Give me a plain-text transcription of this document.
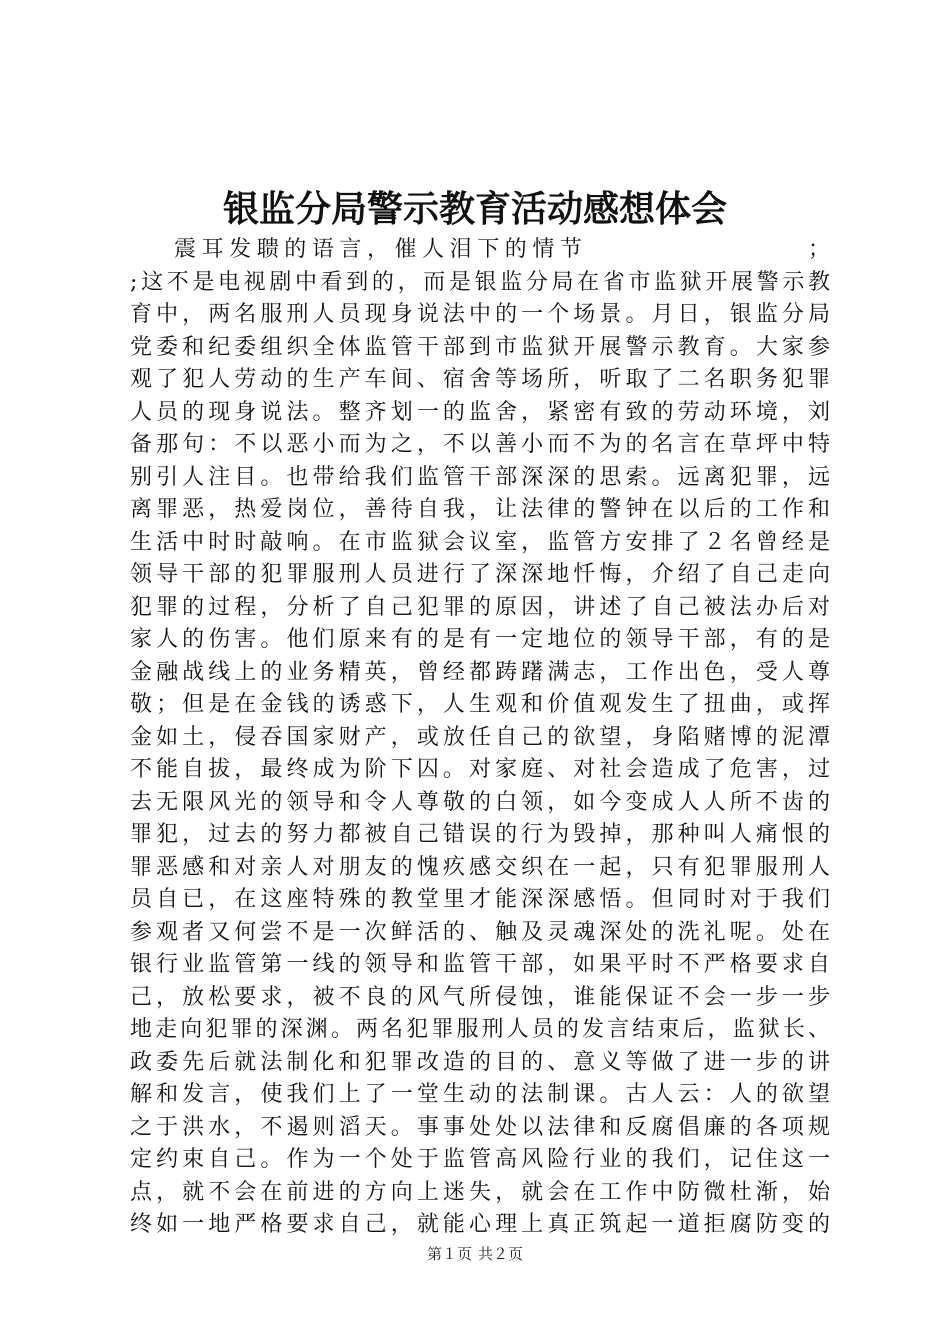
银监分局警示教育活动感想体会
震耳发聩的语言，催人泪下的情节　　　　　　　　；
;这不是电视剧中看到的，而是银监分局在省市监狱开展警示教
育中，两名服刑人员现身说法中的一个场景。月日，银监分局
党委和纪委组织全体监管干部到市监狱开展警示教育。大家参
观了犯人劳动的生产车间、宿舍等场所，听取了二名职务犯罪
人员的现身说法。整齐划一的监舍，紧密有致的劳动环境，刘
备那句：不以恶小而为之，不以善小而不为的名言在草坪中特
别引人注目。也带给我们监管干部深深的思索。远离犯罪，远
离罪恶，热爱岗位，善待自我，让法律的警钟在以后的工作和
生活中时时敲响。在市监狱会议室，监管方安排了２名曾经是
领导干部的犯罪服刑人员进行了深深地忏悔，介绍了自己走向
犯罪的过程，分析了自己犯罪的原因，讲述了自己被法办后对
家人的伤害。他们原来有的是有一定地位的领导干部，有的是
金融战线上的业务精英，曾经都踌躇满志，工作出色，受人尊
敬；但是在金钱的诱惑下，人生观和价值观发生了扭曲，或挥
金如土，侵吞国家财产，或放任自己的欲望，身陷赌博的泥潭
不能自拔，最终成为阶下囚。对家庭、对社会造成了危害，过
去无限风光的领导和令人尊敬的白领，如今变成人人所不齿的
罪犯，过去的努力都被自己错误的行为毁掉，那种叫人痛恨的
罪恶感和对亲人对朋友的愧疚感交织在一起，只有犯罪服刑人
员自已，在这座特殊的教堂里才能深深感悟。但同时对于我们
参观者又何尝不是一次鲜活的、触及灵魂深处的洗礼呢。处在
银行业监管第一线的领导和监管干部，如果平时不严格要求自
己，放松要求，被不良的风气所侵蚀，谁能保证不会一步一步
地走向犯罪的深渊。两名犯罪服刑人员的发言结束后，监狱长、
政委先后就法制化和犯罪改造的目的、意义等做了进一步的讲
解和发言，使我们上了一堂生动的法制课。古人云：人的欲望
之于洪水，不遏则滔天。事事处处以法律和反腐倡廉的各项规
定约束自己。作为一个处于监管高风险行业的我们，记住这一
点，就不会在前进的方向上迷失，就会在工作中防微杜渐，始
终如一地严格要求自己，就能心理上真正筑起一道拒腐防变的
第１页 共２页
